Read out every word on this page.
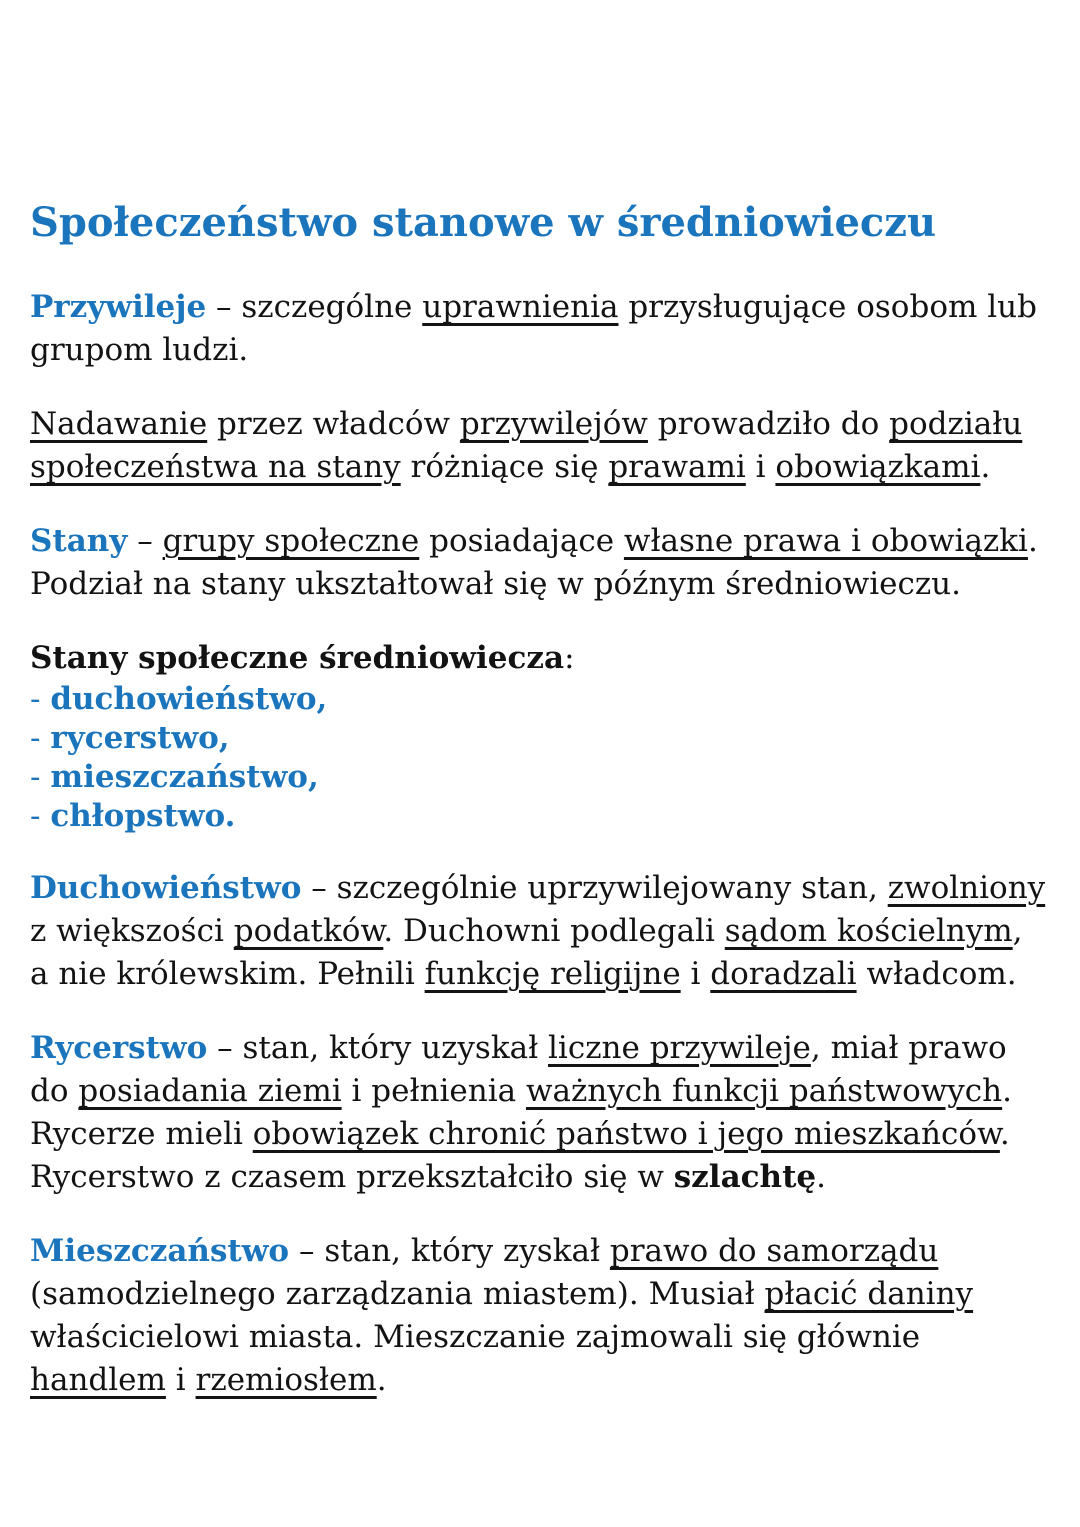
Społeczeństwo stanowe w średniowieczu
Przywileje – szczególne uprawnienia przysługujące osobom lub
grupom ludzi.
Nadawanie przez władców przywilejów prowadziło do podziału
społeczeństwa na stany różniące się prawami i obowiązkami.
Stany – grupy społeczne posiadające własne prawa i obowiązki.
Podział na stany ukształtował się w późnym średniowieczu.
Stany społeczne średniowiecza:
- duchowieństwo,
- rycerstwo,
- mieszczaństwo,
- chłopstwo.
Duchowieństwo – szczególnie uprzywilejowany stan, zwolniony
z większości podatków. Duchowni podlegali sądom kościelnym,
a nie królewskim. Pełnili funkcję religijne i doradzali władcom.
Rycerstwo – stan, który uzyskał liczne przywileje, miał prawo
do posiadania ziemi i pełnienia ważnych funkcji państwowych.
Rycerze mieli obowiązek chronić państwo i jego mieszkańców.
Rycerstwo z czasem przekształciło się w szlachtę.
Mieszczaństwo – stan, który zyskał prawo do samorządu
(samodzielnego zarządzania miastem). Musiał płacić daniny
właścicielowi miasta. Mieszczanie zajmowali się głównie
handlem i rzemiosłem.
